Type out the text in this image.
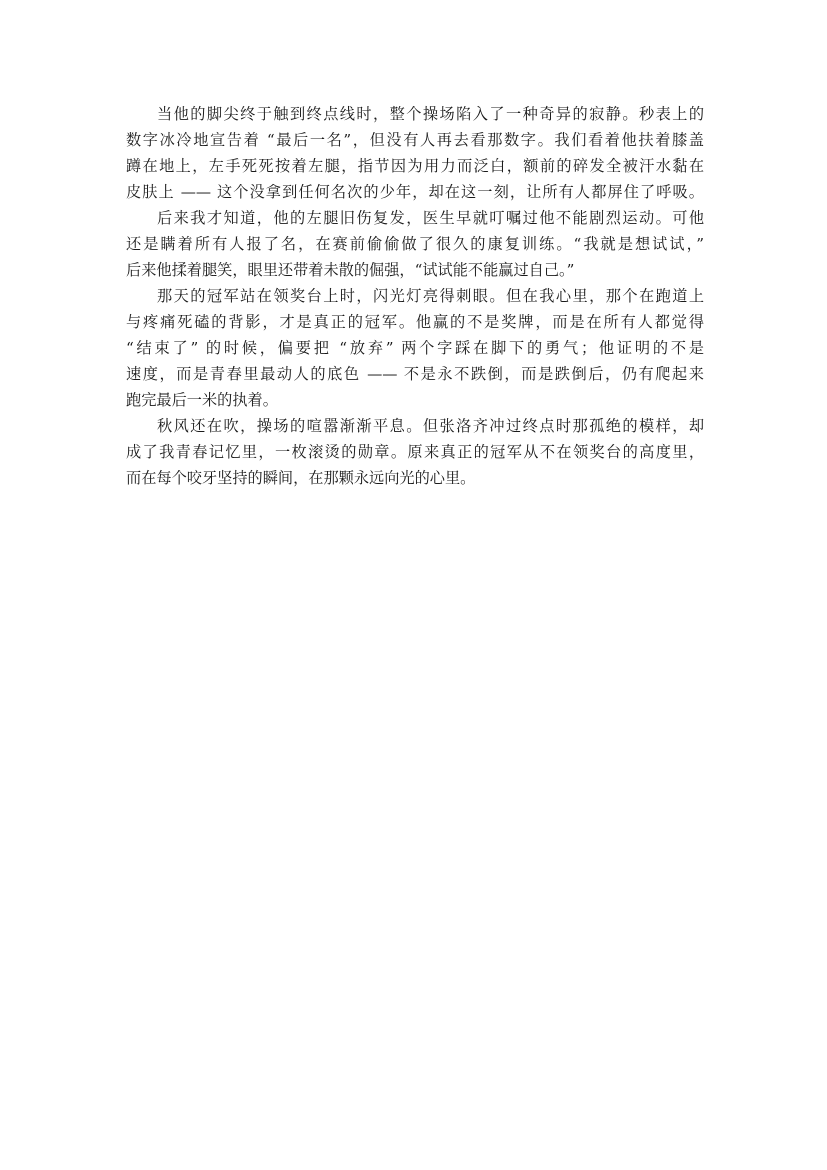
当他的脚尖终于触到终点线时，整个操场陷入了一种奇异的寂静。秒表上的
数字冰冷地宣告着 “最后一名”，但没有人再去看那数字。我们看着他扶着膝盖
蹲在地上，左手死死按着左腿，指节因为用力而泛白，额前的碎发全被汗水黏在
皮肤上 —— 这个没拿到任何名次的少年，却在这一刻，让所有人都屏住了呼吸。

后来我才知道，他的左腿旧伤复发，医生早就叮嘱过他不能剧烈运动。可他
还是瞒着所有人报了名，在赛前偷偷做了很久的康复训练。“我就是想试试，”
后来他揉着腿笑，眼里还带着未散的倔强，“试试能不能赢过自己。”

那天的冠军站在领奖台上时，闪光灯亮得刺眼。但在我心里，那个在跑道上
与疼痛死磕的背影，才是真正的冠军。他赢的不是奖牌，而是在所有人都觉得
“结束了” 的时候，偏要把 “放弃” 两个字踩在脚下的勇气；他证明的不是
速度，而是青春里最动人的底色 —— 不是永不跌倒，而是跌倒后，仍有爬起来
跑完最后一米的执着。

秋风还在吹，操场的喧嚣渐渐平息。但张洛齐冲过终点时那孤绝的模样，却
成了我青春记忆里，一枚滚烫的勋章。原来真正的冠军从不在领奖台的高度里，
而在每个咬牙坚持的瞬间，在那颗永远向光的心里。
